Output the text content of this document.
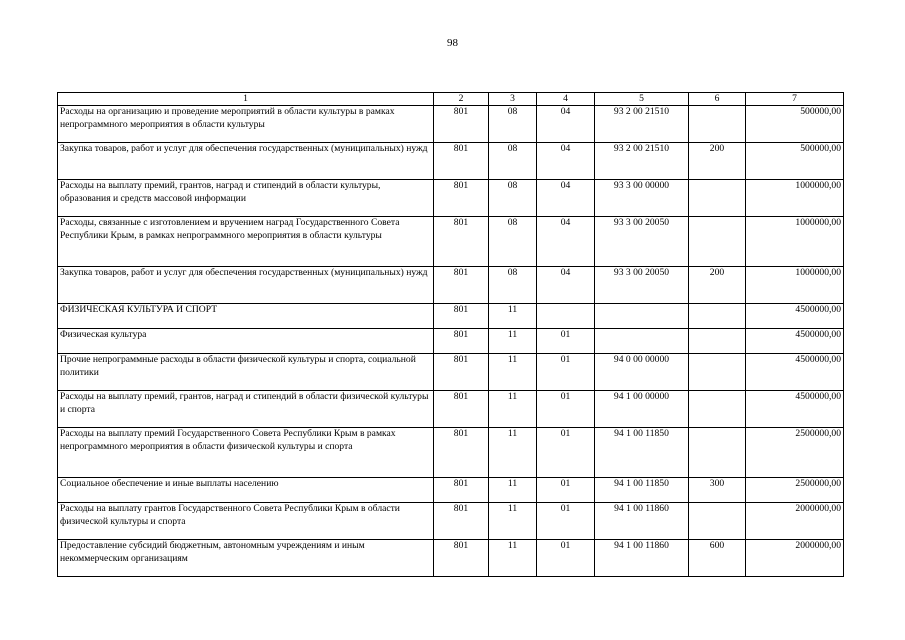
98
1	2	3	4	5	6	7
Расходы на организацию и проведение мероприятий в области культуры в рамках непрограммного мероприятия в области культуры	801	08	04	93 2 00 21510		500000,00
Закупка товаров, работ и услуг для обеспечения государственных (муниципальных) нужд	801	08	04	93 2 00 21510	200	500000,00
Расходы на выплату премий, грантов, наград и стипендий в области культуры, образования и средств массовой информации	801	08	04	93 3 00 00000		1000000,00
Расходы, связанные с изготовлением и вручением наград Государственного Совета Республики Крым, в рамках непрограммного мероприятия в области культуры	801	08	04	93 3 00 20050		1000000,00
Закупка товаров, работ и услуг для обеспечения государственных (муниципальных) нужд	801	08	04	93 3 00 20050	200	1000000,00
ФИЗИЧЕСКАЯ КУЛЬТУРА И СПОРТ	801	11				4500000,00
Физическая культура	801	11	01			4500000,00
Прочие непрограммные расходы в области физической культуры и спорта, социальной политики	801	11	01	94 0 00 00000		4500000,00
Расходы на выплату премий, грантов, наград и стипендий в области физической культуры и спорта	801	11	01	94 1 00 00000		4500000,00
Расходы на выплату премий Государственного Совета Республики Крым в рамках непрограммного мероприятия в области физической культуры и спорта	801	11	01	94 1 00 11850		2500000,00
Социальное обеспечение и иные выплаты населению	801	11	01	94 1 00 11850	300	2500000,00
Расходы на выплату грантов Государственного Совета Республики Крым в области физической культуры и спорта	801	11	01	94 1 00 11860		2000000,00
Предоставление субсидий бюджетным, автономным учреждениям и иным некоммерческим организациям	801	11	01	94 1 00 11860	600	2000000,00
